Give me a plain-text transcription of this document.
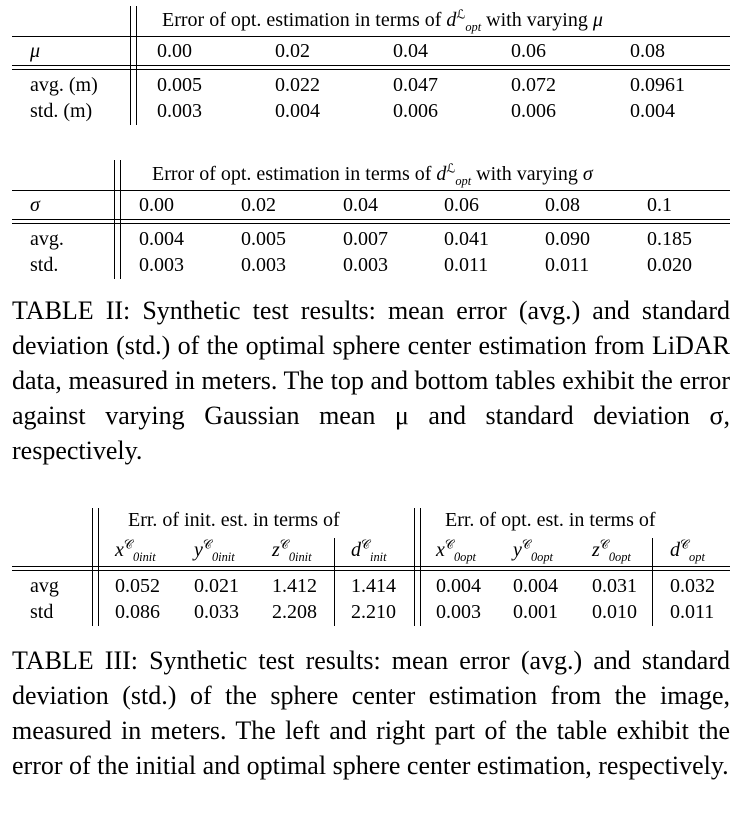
Error of opt. estimation in terms of $d^ℒ_{opt}$ with varying μ
μ	0.00	0.02	0.04	0.06	0.08
avg. (m)	0.005	0.022	0.047	0.072	0.0961
std. (m)	0.003	0.004	0.006	0.006	0.004
Error of opt. estimation in terms of $d^ℒ_{opt}$ with varying σ
σ	0.00	0.02	0.04	0.06	0.08	0.1
avg.	0.004	0.005	0.007	0.041	0.090	0.185
std.	0.003	0.003	0.003	0.011	0.011	0.020
TABLE II: Synthetic test results: mean error (avg.) and standard deviation (std.) of the optimal sphere center estimation from LiDAR data, measured in meters. The top and bottom tables exhibit the error against varying Gaussian mean μ and standard deviation σ, respectively.
Err. of init. est. in terms of	Err. of opt. est. in terms of
$x^𝒞_{0init}$ $y^𝒞_{0init}$ $z^𝒞_{0init}$ $d^𝒞_{init}$ $x^𝒞_{0opt}$ $y^𝒞_{0opt}$ $z^𝒞_{0opt}$ $d^𝒞_{opt}$
avg	0.052 0.021 1.412 1.414 0.004 0.004 0.031 0.032
std	0.086 0.033 2.208 2.210 0.003 0.001 0.010 0.011
TABLE III: Synthetic test results: mean error (avg.) and standard deviation (std.) of the sphere center estimation from the image, measured in meters. The left and right part of the table exhibit the error of the initial and optimal sphere center estimation, respectively.
